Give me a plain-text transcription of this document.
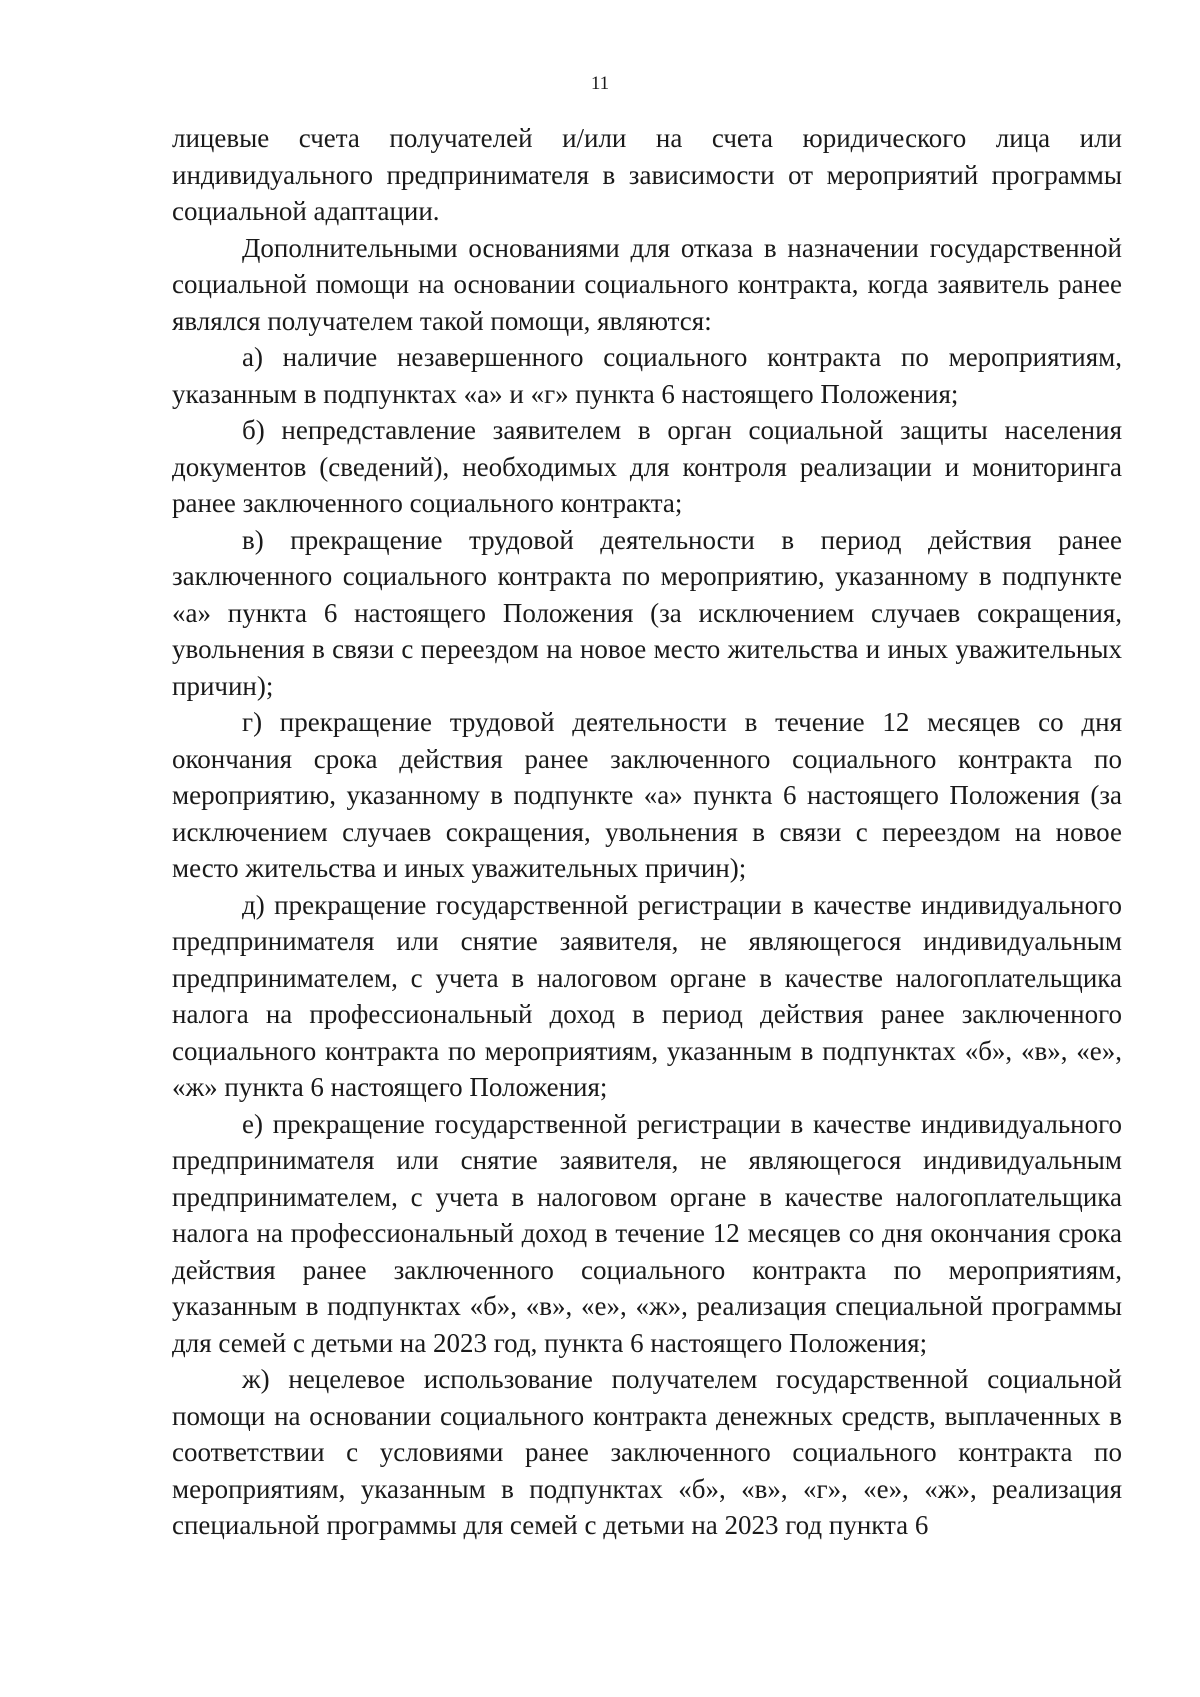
11

лицевые счета получателей и/или на счета юридического лица или индивидуального предпринимателя в зависимости от мероприятий программы социальной адаптации.

Дополнительными основаниями для отказа в назначении государственной социальной помощи на основании социального контракта, когда заявитель ранее являлся получателем такой помощи, являются:

а) наличие незавершенного социального контракта по мероприятиям, указанным в подпунктах «а» и «г» пункта 6 настоящего Положения;

б) непредставление заявителем в орган социальной защиты населения документов (сведений), необходимых для контроля реализации и мониторинга ранее заключенного социального контракта;

в) прекращение трудовой деятельности в период действия ранее заключенного социального контракта по мероприятию, указанному в подпункте «а» пункта 6 настоящего Положения (за исключением случаев сокращения, увольнения в связи с переездом на новое место жительства и иных уважительных причин);

г) прекращение трудовой деятельности в течение 12 месяцев со дня окончания срока действия ранее заключенного социального контракта по мероприятию, указанному в подпункте «а» пункта 6 настоящего Положения (за исключением случаев сокращения, увольнения в связи с переездом на новое место жительства и иных уважительных причин);

д) прекращение государственной регистрации в качестве индивидуального предпринимателя или снятие заявителя, не являющегося индивидуальным предпринимателем, с учета в налоговом органе в качестве налогоплательщика налога на профессиональный доход в период действия ранее заключенного социального контракта по мероприятиям, указанным в подпунктах «б», «в», «е», «ж» пункта 6 настоящего Положения;

е) прекращение государственной регистрации в качестве индивидуального предпринимателя или снятие заявителя, не являющегося индивидуальным предпринимателем, с учета в налоговом органе в качестве налогоплательщика налога на профессиональный доход в течение 12 месяцев со дня окончания срока действия ранее заключенного социального контракта по мероприятиям, указанным в подпунктах «б», «в», «е», «ж», реализация специальной программы для семей с детьми на 2023 год, пункта 6 настоящего Положения;

ж) нецелевое использование получателем государственной социальной помощи на основании социального контракта денежных средств, выплаченных в соответствии с условиями ранее заключенного социального контракта по мероприятиям, указанным в подпунктах «б», «в», «г», «е», «ж», реализация специальной программы для семей с детьми на 2023 год пункта 6
